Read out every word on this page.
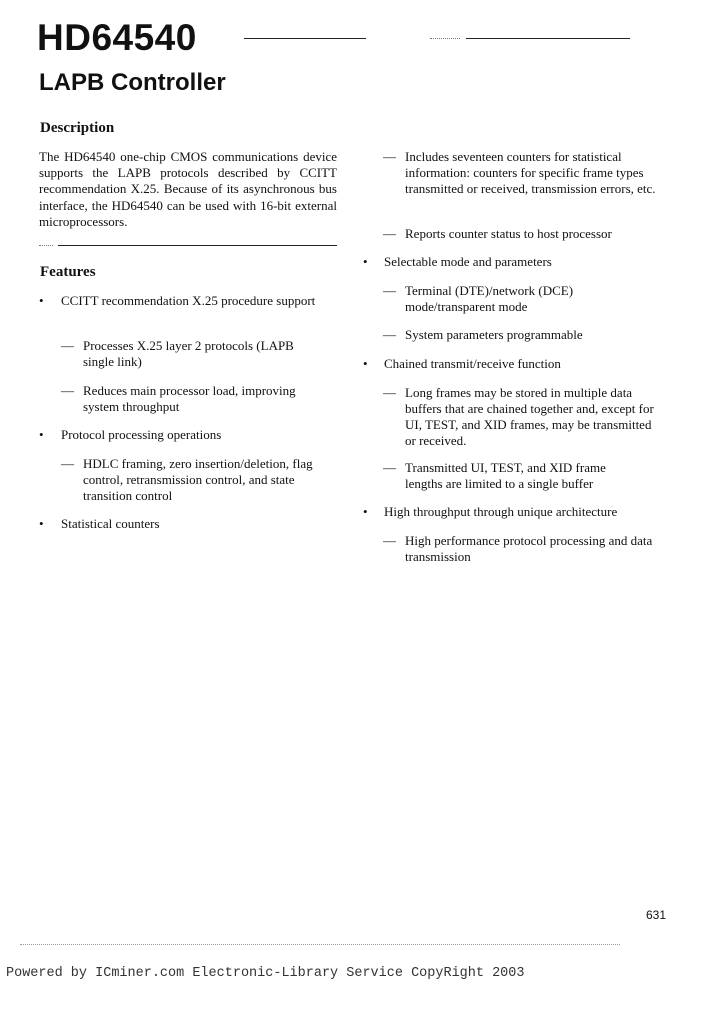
HD64540
LAPB Controller
Description

The HD64540 one-chip CMOS communications device supports the LAPB protocols described by CCITT recommendation X.25. Because of its asynchronous bus interface, the HD64540 can be used with 16-bit external microprocessors.

Features
• CCITT recommendation X.25 procedure support

— Processes X.25 layer 2 protocols (LAPB single link)

— Reduces main processor load, improving system throughput

• Protocol processing operations

— HDLC framing, zero insertion/deletion, flag control, retransmission control, and state transition control

• Statistical counters

— Includes seventeen counters for statistical information: counters for specific frame types transmitted or received, transmission errors, etc.

— Reports counter status to host processor

• Selectable mode and parameters

— Terminal (DTE)/network (DCE) mode/transparent mode

— System parameters programmable

• Chained transmit/receive function

— Long frames may be stored in multiple data buffers that are chained together and, except for UI, TEST, and XID frames, may be transmitted or received.

— Transmitted UI, TEST, and XID frame lengths are limited to a single buffer

• High throughput through unique architecture

— High performance protocol processing and data transmission

631
Powered by ICminer.com Electronic-Library Service CopyRight 2003
